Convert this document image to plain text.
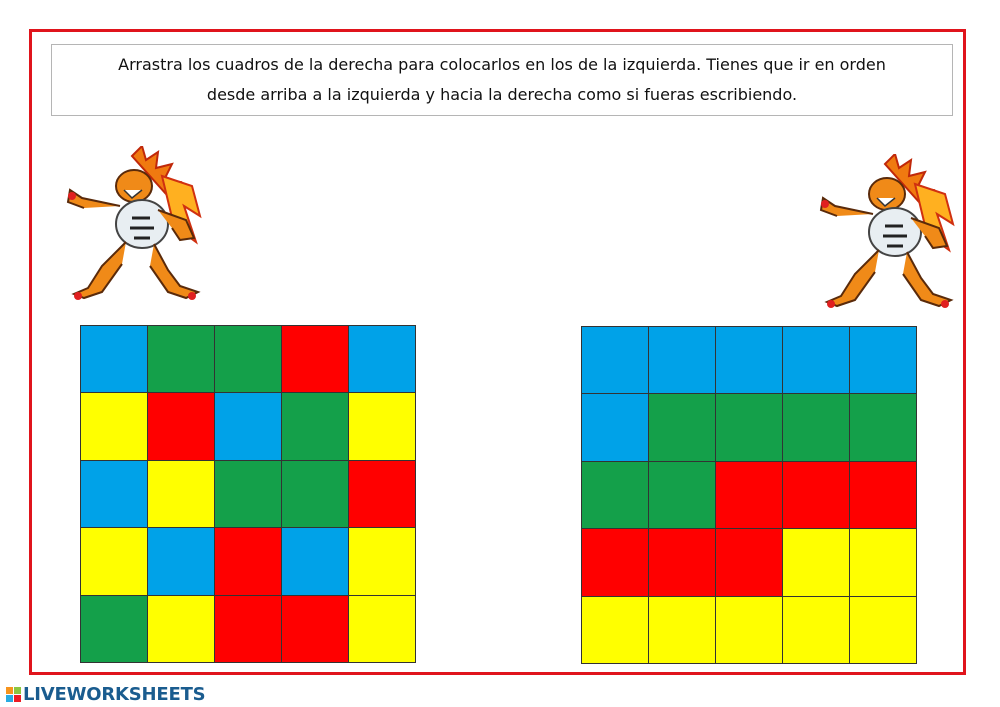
Arrastra los cuadros de la derecha para colocarlos en los de la izquierda. Tienes que ir en orden
desde arriba a la izquierda y hacia la derecha como si fueras escribiendo.
LIVEWORKSHEETS
